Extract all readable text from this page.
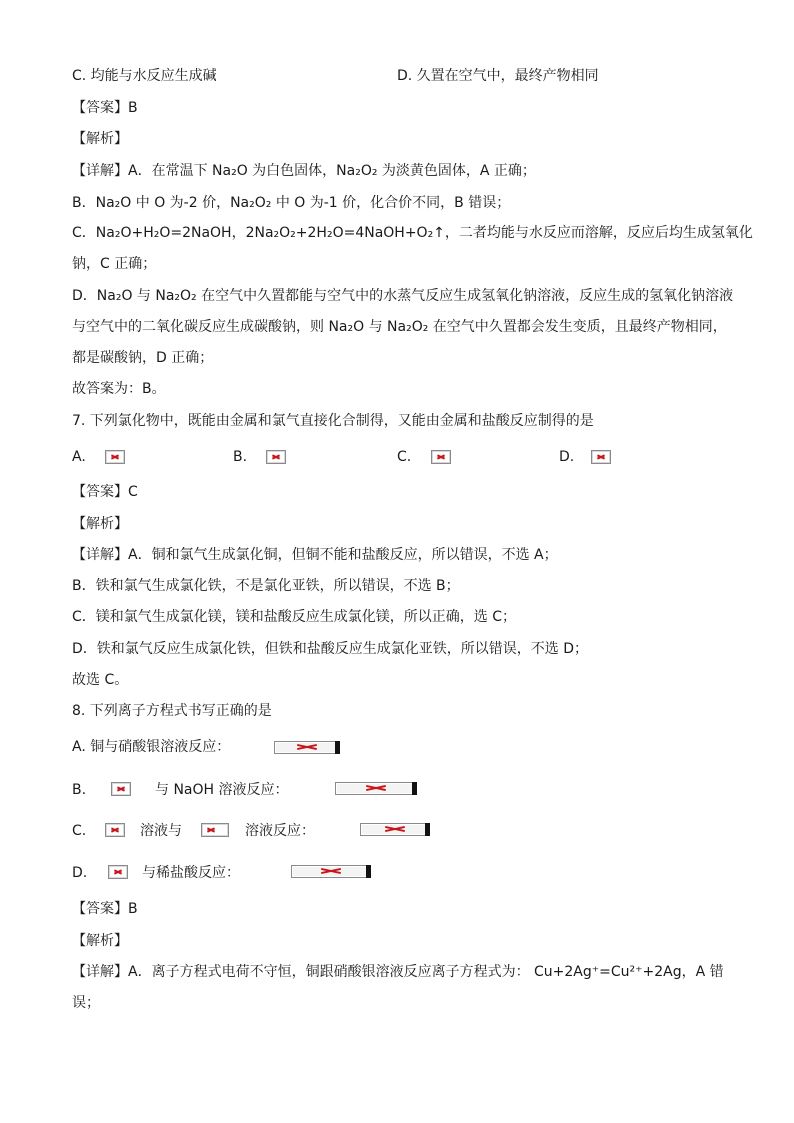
C. 均能与水反应生成碱	D. 久置在空气中，最终产物相同
【答案】B
【解析】
【详解】A．在常温下 Na₂O 为白色固体，Na₂O₂ 为淡黄色固体，A 正确；
B．Na₂O 中 O 为-2 价，Na₂O₂ 中 O 为-1 价，化合价不同，B 错误；
C．Na₂O+H₂O=2NaOH，2Na₂O₂+2H₂O=4NaOH+O₂↑，二者均能与水反应而溶解，反应后均生成氢氧化
钠，C 正确；
D．Na₂O 与 Na₂O₂ 在空气中久置都能与空气中的水蒸气反应生成氢氧化钠溶液，反应生成的氢氧化钠溶液
与空气中的二氧化碳反应生成碳酸钠，则 Na₂O 与 Na₂O₂ 在空气中久置都会发生变质，且最终产物相同，
都是碳酸钠，D 正确；
故答案为：B。
7. 下列氯化物中，既能由金属和氯气直接化合制得，又能由金属和盐酸反应制得的是
A.	B.	C.	D.
【答案】C
【解析】
【详解】A．铜和氯气生成氯化铜，但铜不能和盐酸反应，所以错误，不选 A；
B．铁和氯气生成氯化铁，不是氯化亚铁，所以错误，不选 B；
C．镁和氯气生成氯化镁，镁和盐酸反应生成氯化镁，所以正确，选 C；
D．铁和氯气反应生成氯化铁，但铁和盐酸反应生成氯化亚铁，所以错误，不选 D；
故选 C。
8. 下列离子方程式书写正确的是
A. 铜与硝酸银溶液反应：
B.	与 NaOH 溶液反应：
C.	溶液与	溶液反应：
D.	与稀盐酸反应：
【答案】B
【解析】
【详解】A．离子方程式电荷不守恒，铜跟硝酸银溶液反应离子方程式为： Cu+2Ag⁺=Cu²⁺+2Ag，A 错
误；
